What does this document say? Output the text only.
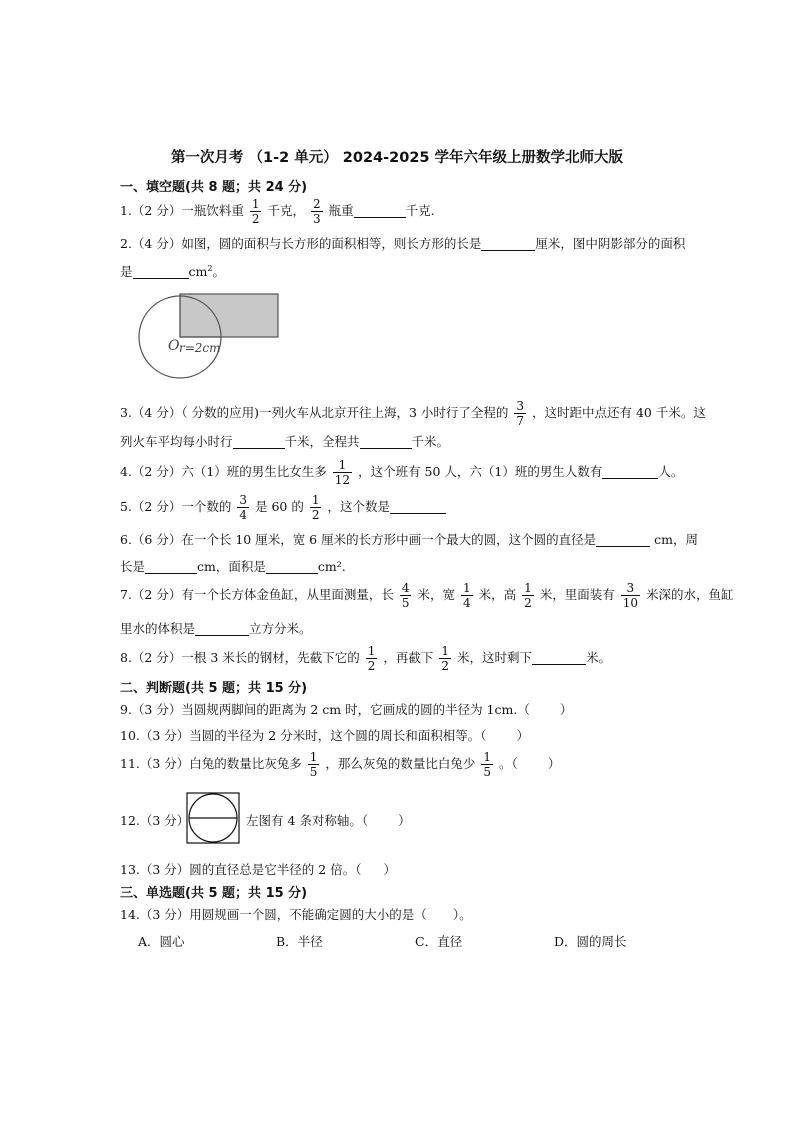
第一次月考 （1-2 单元） 2024-2025 学年六年级上册数学北师大版
一、填空题(共 8 题；共 24 分)
1.（2 分）一瓶饮料重 $\frac{1}{2}$ 千克， $\frac{2}{3}$ 瓶重	千克.
2.（4 分）如图，圆的面积与长方形的面积相等，则长方形的长是	厘米，图中阴影部分的面积
是	$cm^2$。
O r=2cm
3.（4 分）（ 分数的应用)一列火车从北京开往上海，3 小时行了全程的 $\frac{3}{7}$ ，这时距中点还有 40 千米。这
列火车平均每小时行	千米，全程共	千米。
4.（2 分）六（1）班的男生比女生多 $\frac{1}{12}$ ，这个班有 50 人，六（1）班的男生人数有	人。
5.（2 分）一个数的 $\frac{3}{4}$ 是 60 的 $\frac{1}{2}$ ，这个数是
6.（6 分）在一个长 10 厘米，宽 6 厘米的长方形中画一个最大的圆，这个圆的直径是	cm，周
长是	cm，面积是	cm².
7.（2 分）有一个长方体金鱼缸，从里面测量，长 $\frac{4}{5}$ 米，宽 $\frac{1}{4}$ 米，高 $\frac{1}{2}$ 米，里面装有 $\frac{3}{10}$ 米深的水，鱼缸
里水的体积是	立方分米。
8.（2 分）一根 3 米长的钢材，先截下它的 $\frac{1}{2}$ ，再截下 $\frac{1}{2}$ 米，这时剩下	米。
二、判断题(共 5 题；共 15 分)
9.（3 分）当圆规两脚间的距离为 2 cm 时，它画成的圆的半径为 1cm.（ ）
10.（3 分）当圆的半径为 2 分米时，这个圆的周长和面积相等。（ ）
11.（3 分）白兔的数量比灰兔多 $\frac{1}{5}$ ，那么灰兔的数量比白兔少 $\frac{1}{5}$ 。（ ）
12.（3 分）	左图有 4 条对称轴。（ ）
13.（3 分）圆的直径总是它半径的 2 倍。（ ）
三、单选题(共 5 题；共 15 分)
14.（3 分）用圆规画一个圆，不能确定圆的大小的是（ ）。
A．圆心	B．半径	C．直径	D．圆的周长
